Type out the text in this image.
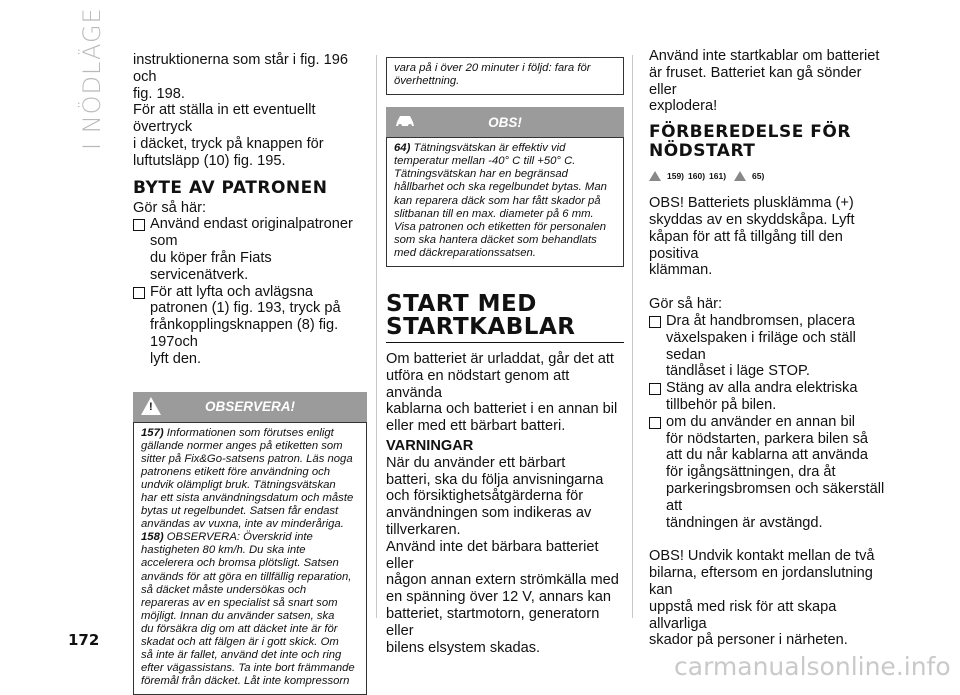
I NÖDLÄGE instruktionerna som står i fig. 196 och
fig. 198.
För att ställa in ett eventuellt övertryck
i däcket, tryck på knappen för
luftutsläpp (10) fig. 195.

BYTE AV PATRONEN

Gör så här:

Använd endast originalpatroner som
du köper från Fiats servicenätverk.

För att lyfta och avlägsna
patronen (1) fig. 193, tryck på
frånkopplingsknappen (8) fig. 197och
lyft den.

!	OBSERVERA!

157) Informationen som förutses enligt
gällande normer anges på etiketten som
sitter på Fix&Go-satsens patron. Läs noga
patronens etikett före användning och
undvik olämpligt bruk. Tätningsvätskan
har ett sista användningsdatum och måste
bytas ut regelbundet. Satsen får endast
användas av vuxna, inte av minderåriga.

158) OBSERVERA: Överskrid inte
hastigheten 80 km/h. Du ska inte
accelerera och bromsa plötsligt. Satsen
används för att göra en tillfällig reparation,
så däcket måste undersökas och
repareras av en specialist så snart som
möjligt. Innan du använder satsen, ska
du försäkra dig om att däcket inte är för
skadat och att fälgen är i gott skick. Om
så inte är fallet, använd det inte och ring
efter vägassistans. Ta inte bort främmande
föremål från däcket. Låt inte kompressorn

vara på i över 20 minuter i följd: fara för
överhettning.

OBS!

64) Tätningsvätskan är effektiv vid
temperatur mellan -40° C till +50° C.
Tätningsvätskan har en begränsad
hållbarhet och ska regelbundet bytas. Man
kan reparera däck som har fått skador på
slitbanan till en max. diameter på 6 mm.
Visa patronen och etiketten för personalen
som ska hantera däcket som behandlats
med däckreparationssatsen.

START MED
STARTKABLAR

Om batteriet är urladdat, går det att
utföra en nödstart genom att använda
kablarna och batteriet i en annan bil
eller med ett bärbart batteri.

VARNINGAR

När du använder ett bärbart
batteri, ska du följa anvisningarna
och försiktighetsåtgärderna för
användningen som indikeras av
tillverkaren.

Använd inte det bärbara batteriet eller
någon annan extern strömkälla med
en spänning över 12 V, annars kan
batteriet, startmotorn, generatorn eller
bilens elsystem skadas.

Använd inte startkablar om batteriet
är fruset. Batteriet kan gå sönder eller
explodera!

FÖRBEREDELSE FÖR
NÖDSTART
159) 160) 161)	65)

OBS! Batteriets plusklämma (+)
skyddas av en skyddskåpa. Lyft
kåpan för att få tillgång till den positiva
klämman.

Gör så här:

Dra åt handbromsen, placera
växelspaken i friläge och ställ sedan
tändlåset i läge STOP.

Stäng av alla andra elektriska
tillbehör på bilen.

om du använder en annan bil
för nödstarten, parkera bilen så
att du når kablarna att använda
för igångsättningen, dra åt
parkeringsbromsen och säkerställ att
tändningen är avstängd.

OBS! Undvik kontakt mellan de två
bilarna, eftersom en jordanslutning kan
uppstå med risk för att skapa allvarliga
skador på personer i närheten.

172
carmanualsonline.info
